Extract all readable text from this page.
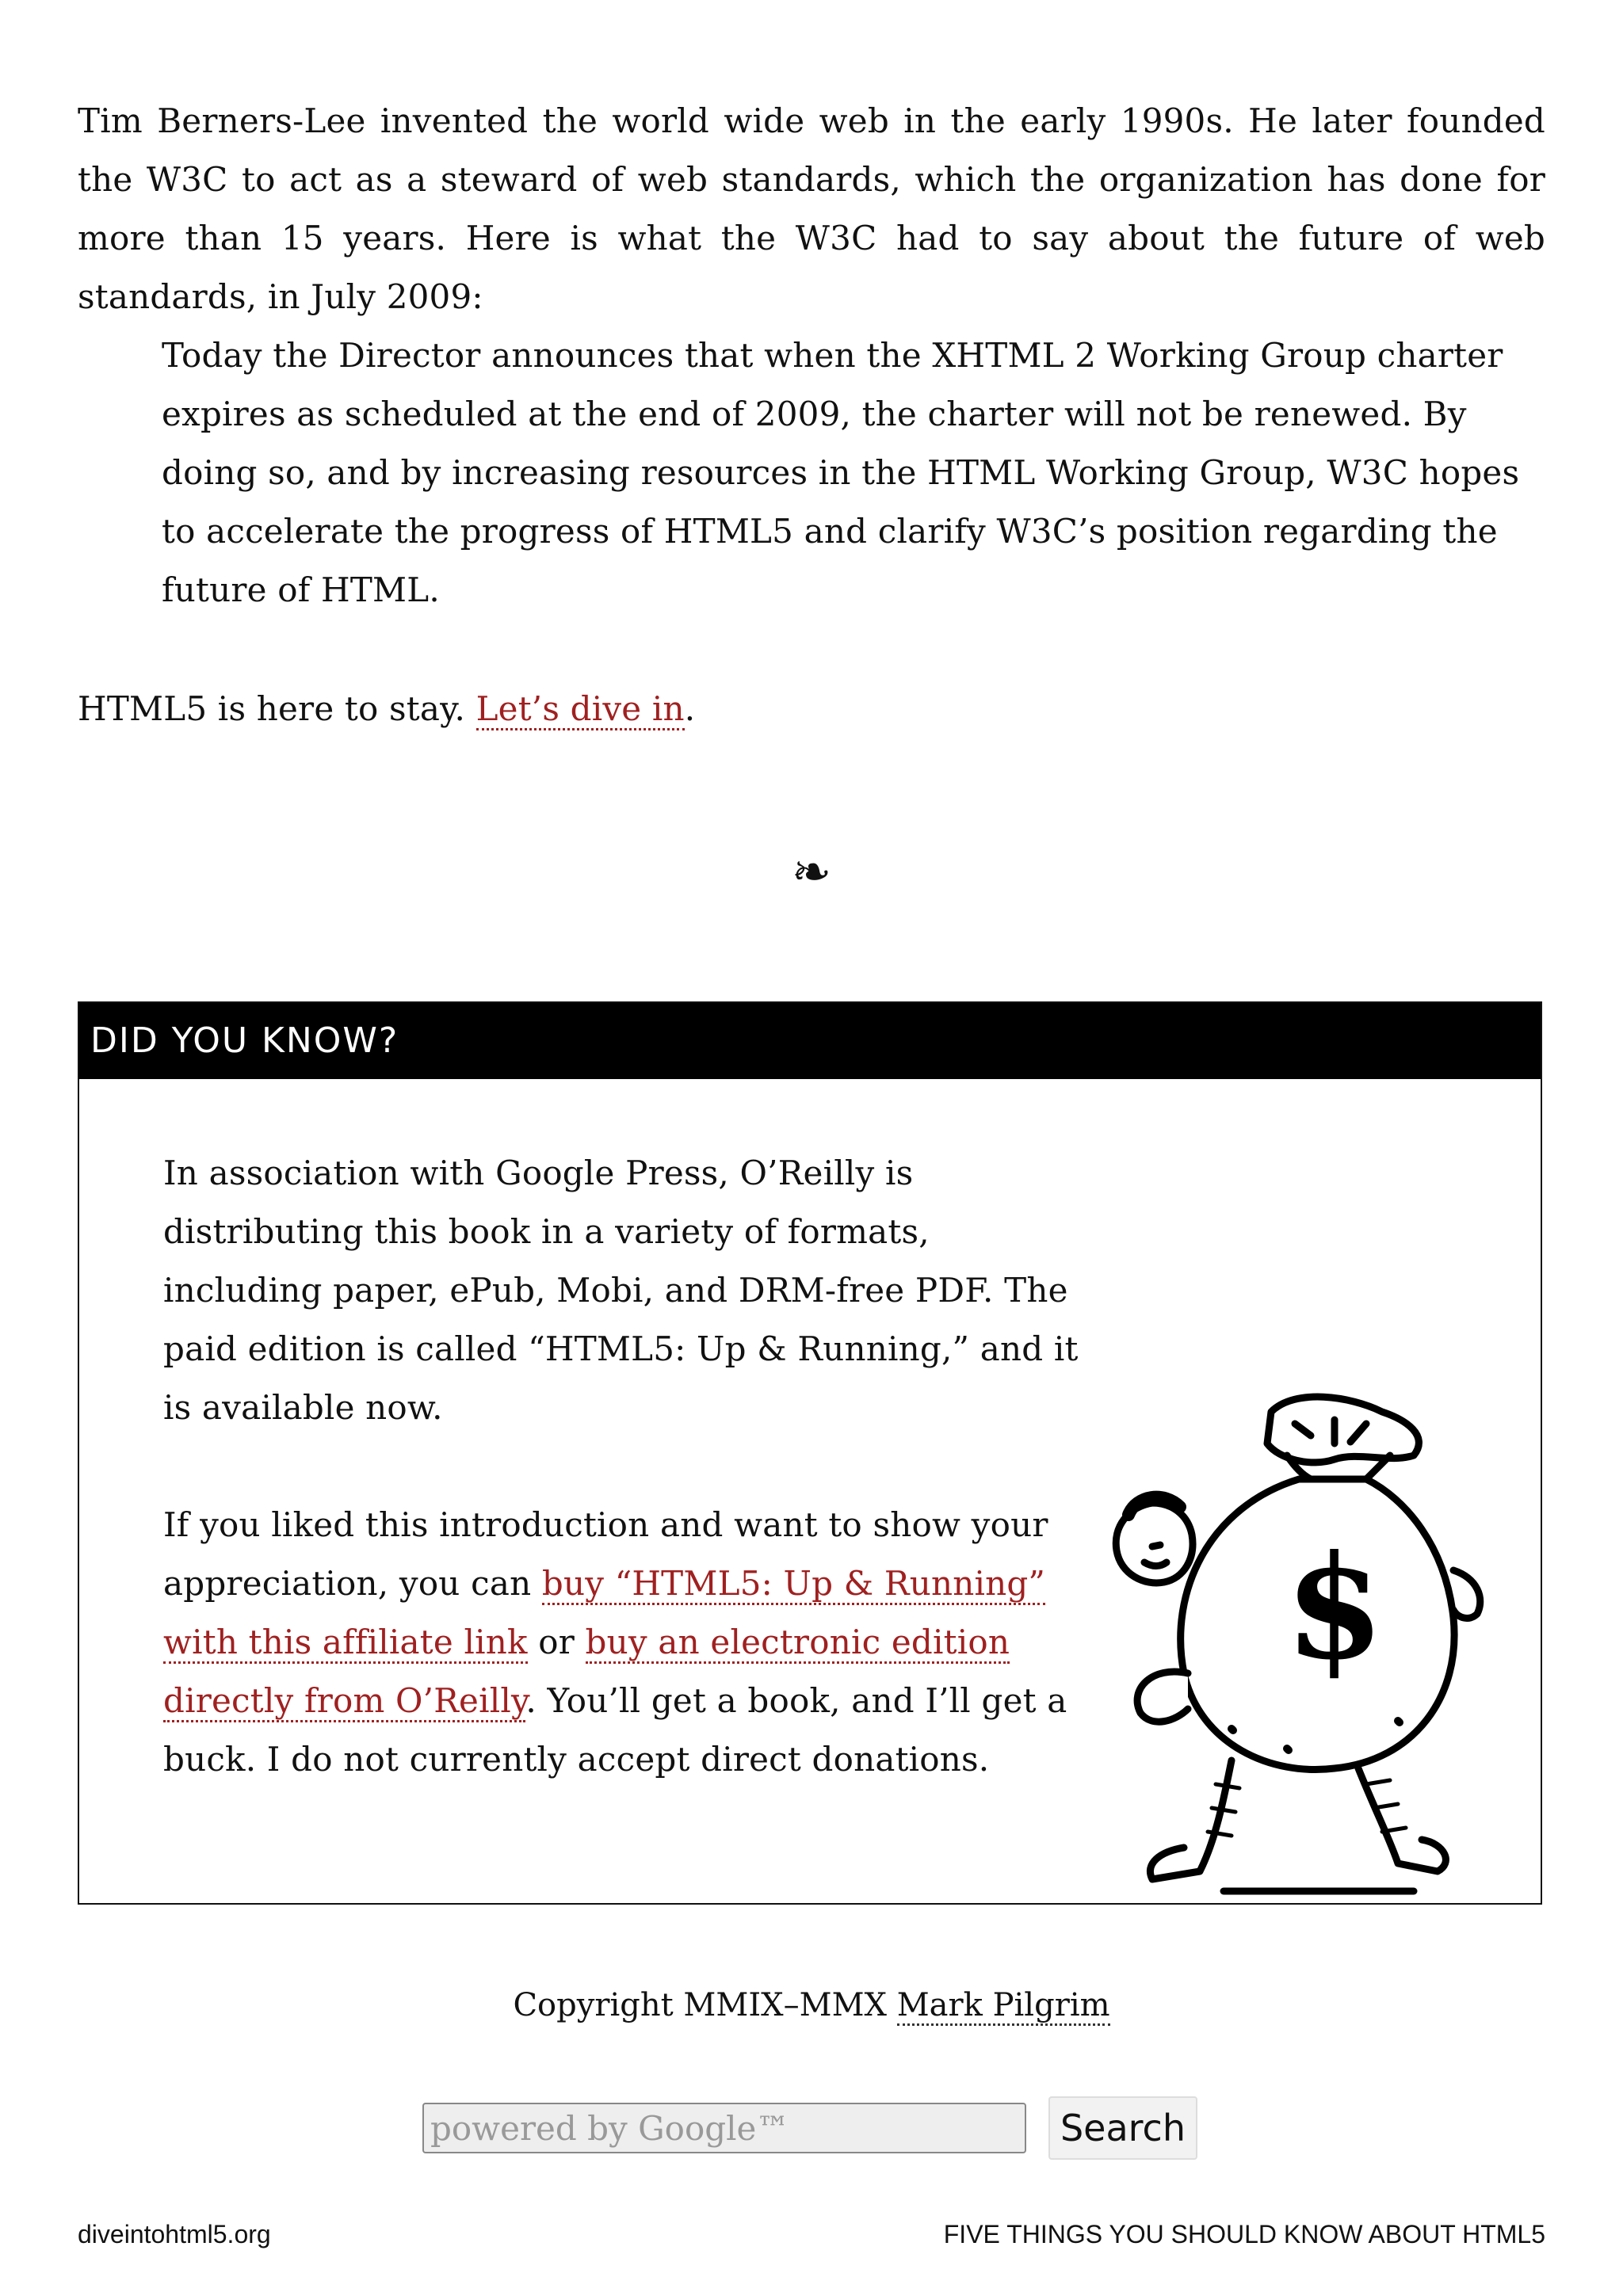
Tim Berners-Lee invented the world wide web in the early 1990s. He later founded the W3C to act as a steward of web standards, which the organization has done for more than 15 years. Here is what the W3C had to say about the future of web standards, in July 2009:

Today the Director announces that when the XHTML 2 Working Group charter expires as scheduled at the end of 2009, the charter will not be renewed. By doing so, and by increasing resources in the HTML Working Group, W3C hopes to accelerate the progress of HTML5 and clarify W3C’s position regarding the future of HTML.

HTML5 is here to stay. Let’s dive in.

❧
DID YOU KNOW?

In association with Google Press, O’Reilly is distributing this book in a variety of formats, including paper, ePub, Mobi, and DRM-free PDF. The paid edition is called “HTML5: Up & Running,” and it is available now.

If you liked this introduction and want to show your appreciation, you can buy “HTML5: Up & Running” with this affiliate link or buy an electronic edition directly from O’Reilly. You’ll get a book, and I’ll get a buck. I do not currently accept direct donations.

$

Copyright MMIX–MMX Mark Pilgrim

powered by Google™
Search
diveintohtml5.org	FIVE THINGS YOU SHOULD KNOW ABOUT HTML5
